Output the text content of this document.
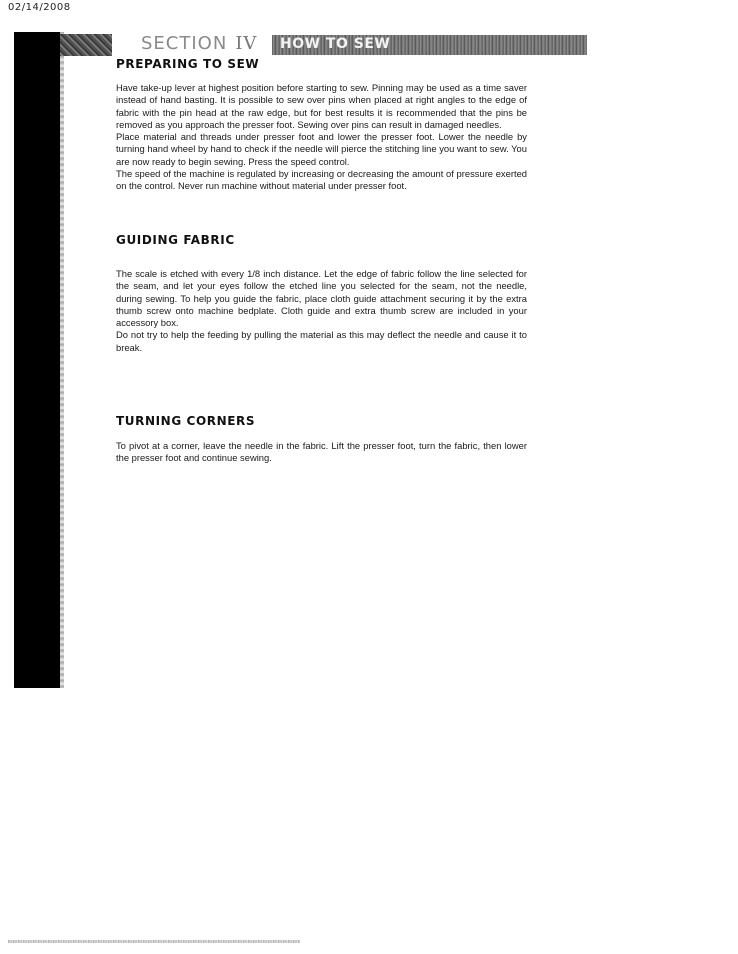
02/14/2008
SECTION IV HOW TO SEW
PREPARING TO SEW

Have take-up lever at highest position before starting to sew. Pinning may be used as a time saver instead of hand basting. It is possible to sew over pins when placed at right angles to the edge of fabric with the pin head at the raw edge, but for best results it is recommended that the pins be removed as you approach the presser foot. Sewing over pins can result in damaged needles.

Place material and threads under presser foot and lower the presser foot. Lower the needle by turning hand wheel by hand to check if the needle will pierce the stitching line you want to sew. You are now ready to begin sewing. Press the speed control.

The speed of the machine is regulated by increasing or decreasing the amount of pressure exerted on the control. Never run machine without material under presser foot.

GUIDING FABRIC

The scale is etched with every 1/8 inch distance. Let the edge of fabric follow the line selected for the seam, and let your eyes follow the etched line you selected for the seam, not the needle, during sewing. To help you guide the fabric, place cloth guide attachment securing it by the extra thumb screw onto machine bedplate. Cloth guide and extra thumb screw are included in your accessory box.

Do not try to help the feeding by pulling the material as this may deflect the needle and cause it to break.

TURNING CORNERS

To pivot at a corner, leave the needle in the fabric. Lift the presser foot, turn the fabric, then lower the presser foot and continue sewing.
